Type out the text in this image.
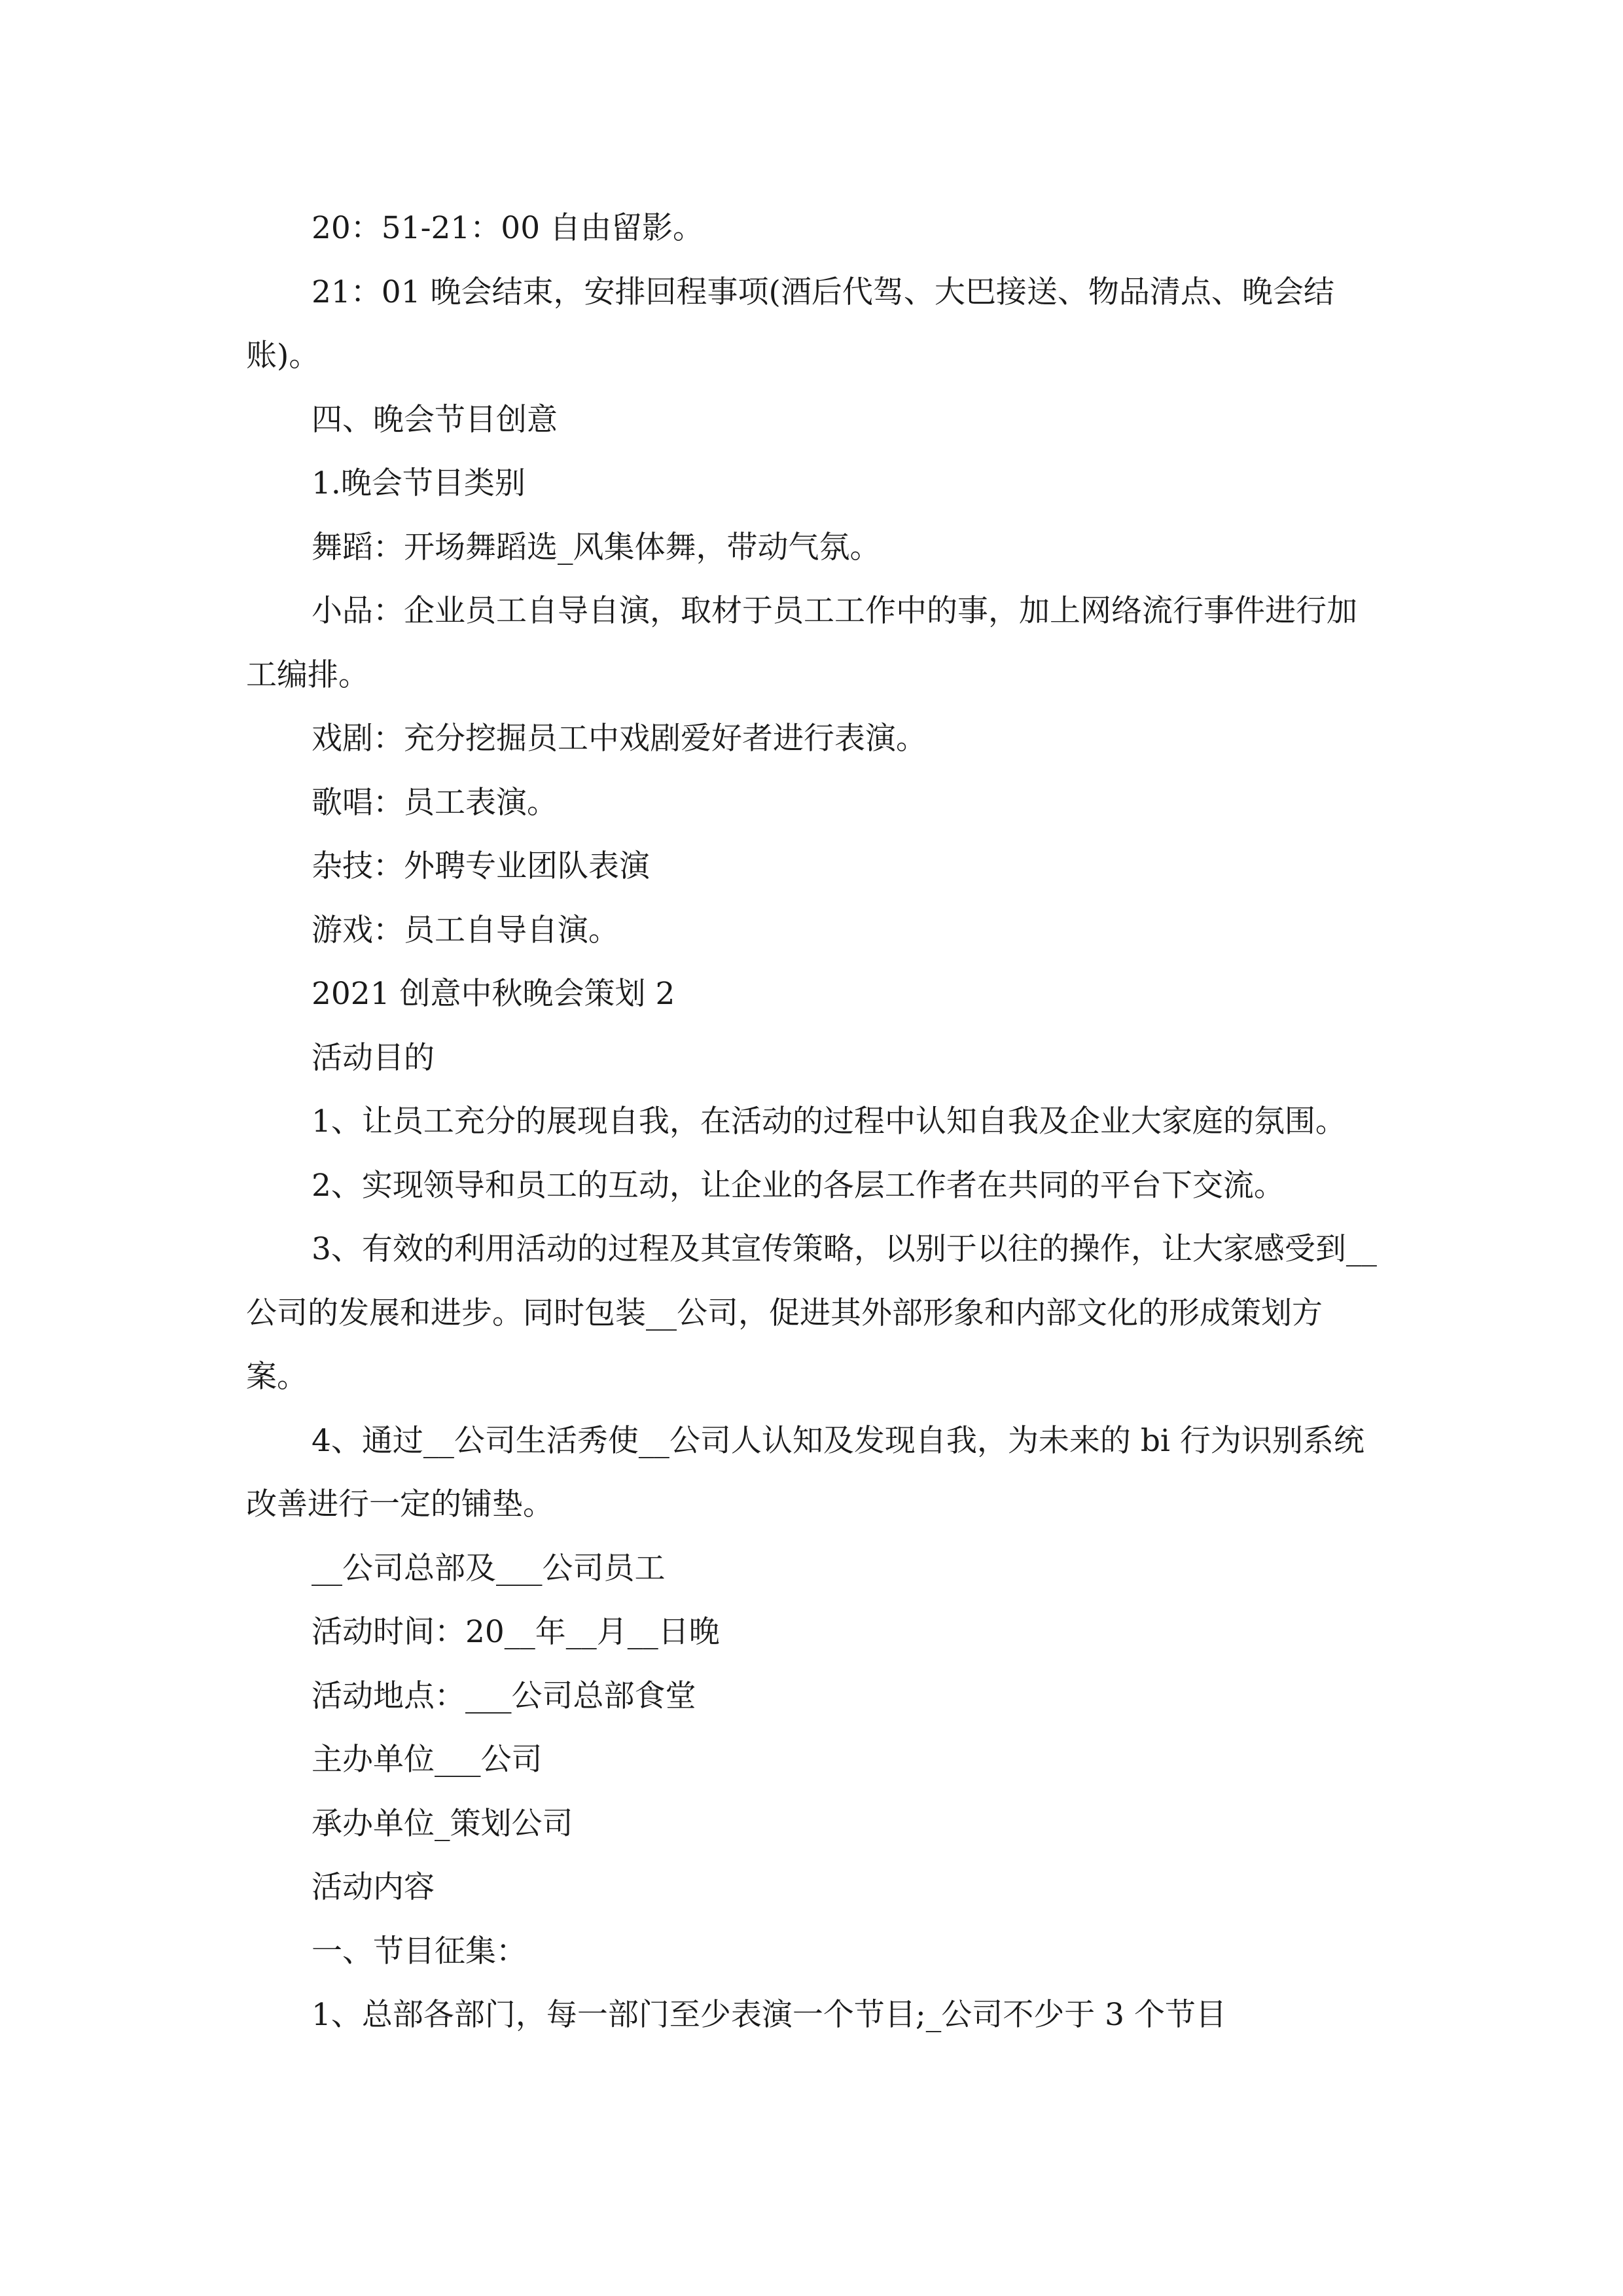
20：51-21：00 自由留影。

21：01 晚会结束，安排回程事项(酒后代驾、大巴接送、物品清点、晚会结账)。

四、晚会节目创意

1.晚会节目类别

舞蹈：开场舞蹈选_风集体舞，带动气氛。

小品：企业员工自导自演，取材于员工工作中的事，加上网络流行事件进行加工编排。

戏剧：充分挖掘员工中戏剧爱好者进行表演。

歌唱：员工表演。

杂技：外聘专业团队表演

游戏：员工自导自演。

2021 创意中秋晚会策划 2

活动目的

1、让员工充分的展现自我，在活动的过程中认知自我及企业大家庭的氛围。

2、实现领导和员工的互动，让企业的各层工作者在共同的平台下交流。

3、有效的利用活动的过程及其宣传策略，以别于以往的操作，让大家感受到__公司的发展和进步。同时包装__公司，促进其外部形象和内部文化的形成策划方案。

4、通过__公司生活秀使__公司人认知及发现自我，为未来的 bi 行为识别系统改善进行一定的铺垫。

__公司总部及___公司员工

活动时间：20__年__月__日晚

活动地点：___公司总部食堂

主办单位___公司

承办单位_策划公司

活动内容

一、节目征集：

1、总部各部门，每一部门至少表演一个节目;_公司不少于 3 个节目
